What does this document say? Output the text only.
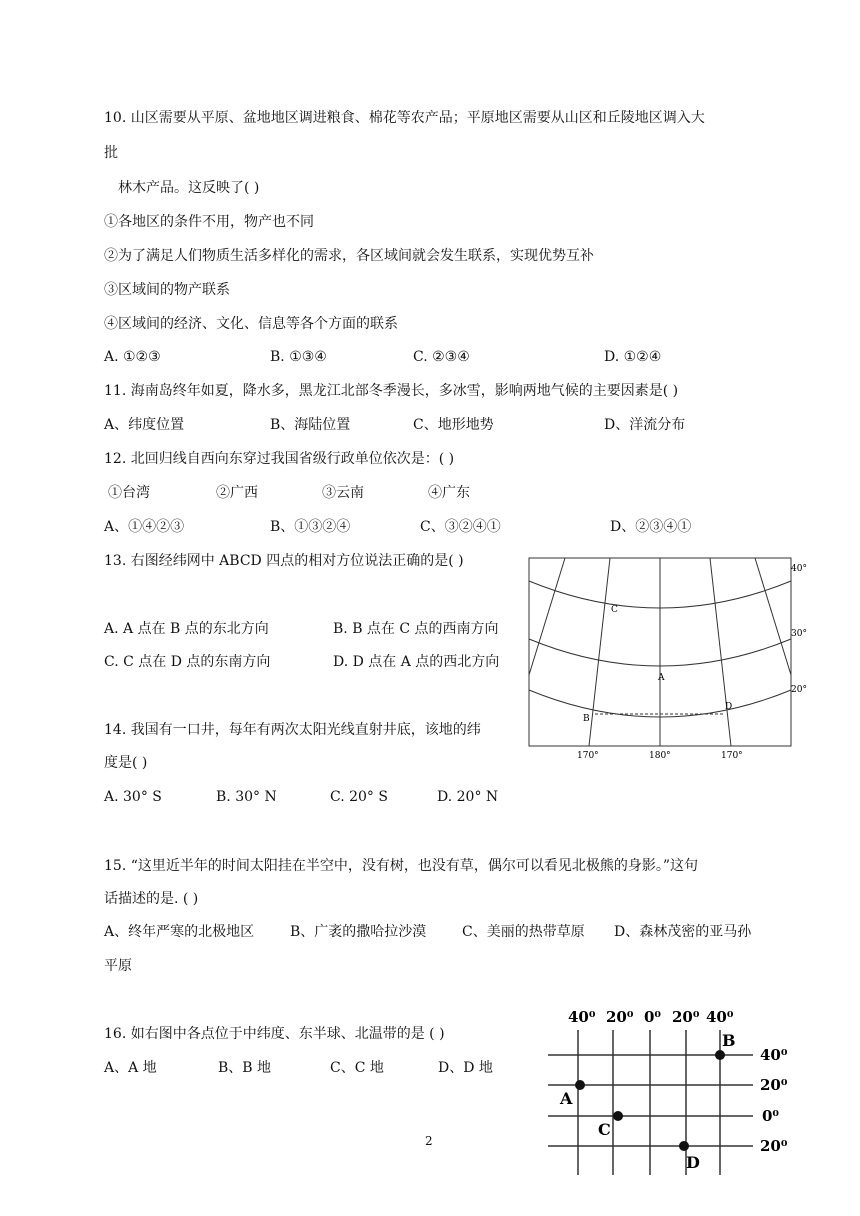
10. 山区需要从平原、盆地地区调进粮食、棉花等农产品；平原地区需要从山区和丘陵地区调入大
批
林木产品。这反映了( )
①各地区的条件不用，物产也不同
②为了满足人们物质生活多样化的需求，各区域间就会发生联系，实现优势互补
③区域间的物产联系
④区域间的经济、文化、信息等各个方面的联系
A. ①②③	B. ①③④	C. ②③④	D. ①②④
11. 海南岛终年如夏，降水多，黑龙江北部冬季漫长，多冰雪，影响两地气候的主要因素是( )
A、纬度位置	B、海陆位置	C、地形地势	D、洋流分布
12. 北回归线自西向东穿过我国省级行政单位依次是：( )
①台湾	②广西	③云南	④广东
A、①④②③	B、①③②④	C、③②④①	D、②③④①
13. 右图经纬网中 ABCD 四点的相对方位说法正确的是( )
A. A 点在 B 点的东北方向	B. B 点在 C 点的西南方向
C. C 点在 D 点的东南方向	D. D 点在 A 点的西北方向
C
A
B
D
40°
30°
20°
170°	180°	170°
14. 我国有一口井，每年有两次太阳光线直射井底，该地的纬
度是( )
A. 30° S	B. 30° N	C. 20° S	D. 20° N
15. “这里近半年的时间太阳挂在半空中，没有树，也没有草，偶尔可以看见北极熊的身影。”这句
话描述的是. ( )
A、终年严寒的北极地区	B、广袤的撒哈拉沙漠	C、美丽的热带草原 D、森林茂密的亚马孙
平原
16. 如右图中各点位于中纬度、东半球、北温带的是 ( )
A、A 地	B、B 地	C、C 地	D、D 地
40⁰ 20⁰ 0⁰ 20⁰ 40⁰
40⁰
20⁰
0⁰
20⁰
B
A
C
D
2
